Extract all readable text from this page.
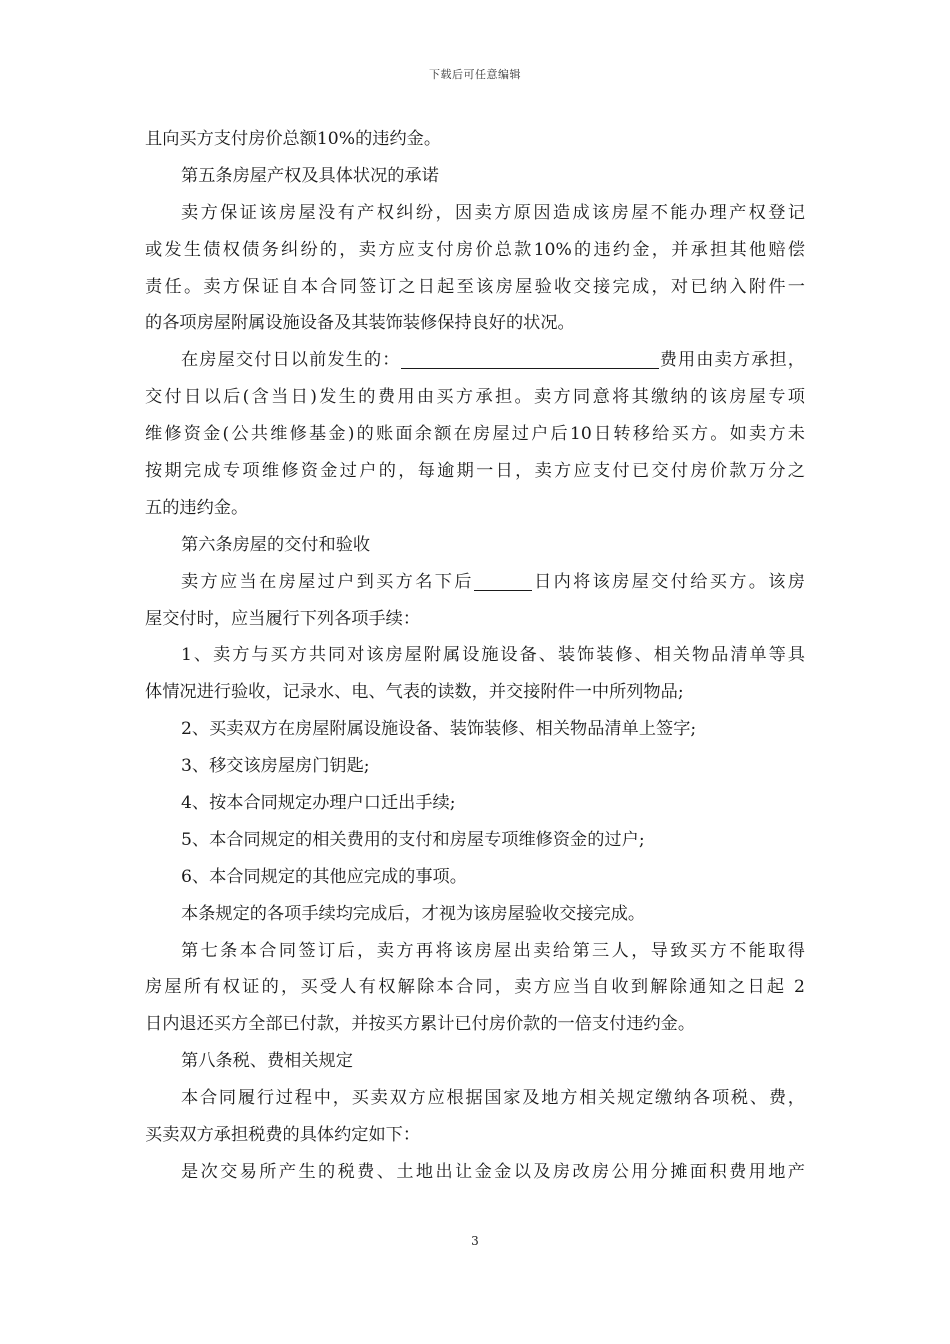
下载后可任意编辑
且向买方支付房价总额10%的违约金。
第五条房屋产权及具体状况的承诺
卖方保证该房屋没有产权纠纷，因卖方原因造成该房屋不能办理产权登记
或发生债权债务纠纷的，卖方应支付房价总款10%的违约金，并承担其他赔偿
责任。卖方保证自本合同签订之日起至该房屋验收交接完成，对已纳入附件一
的各项房屋附属设施设备及其装饰装修保持良好的状况。
在房屋交付日以前发生的：	费用由卖方承担，
交付日以后(含当日)发生的费用由买方承担。卖方同意将其缴纳的该房屋专项
维修资金(公共维修基金)的账面余额在房屋过户后10日转移给买方。如卖方未
按期完成专项维修资金过户的，每逾期一日，卖方应支付已交付房价款万分之
五的违约金。
第六条房屋的交付和验收
卖方应当在房屋过户到买方名下后	日内将该房屋交付给买方。该房
屋交付时，应当履行下列各项手续：
1、卖方与买方共同对该房屋附属设施设备、装饰装修、相关物品清单等具
体情况进行验收，记录水、电、气表的读数，并交接附件一中所列物品;
2、买卖双方在房屋附属设施设备、装饰装修、相关物品清单上签字;
3、移交该房屋房门钥匙;
4、按本合同规定办理户口迁出手续;
5、本合同规定的相关费用的支付和房屋专项维修资金的过户;
6、本合同规定的其他应完成的事项。
本条规定的各项手续均完成后，才视为该房屋验收交接完成。
第七条本合同签订后，卖方再将该房屋出卖给第三人，导致买方不能取得
房屋所有权证的，买受人有权解除本合同，卖方应当自收到解除通知之日起 2
日内退还买方全部已付款，并按买方累计已付房价款的一倍支付违约金。
第八条税、费相关规定
本合同履行过程中，买卖双方应根据国家及地方相关规定缴纳各项税、费，
买卖双方承担税费的具体约定如下：
是次交易所产生的税费、土地出让金金以及房改房公用分摊面积费用地产
3
